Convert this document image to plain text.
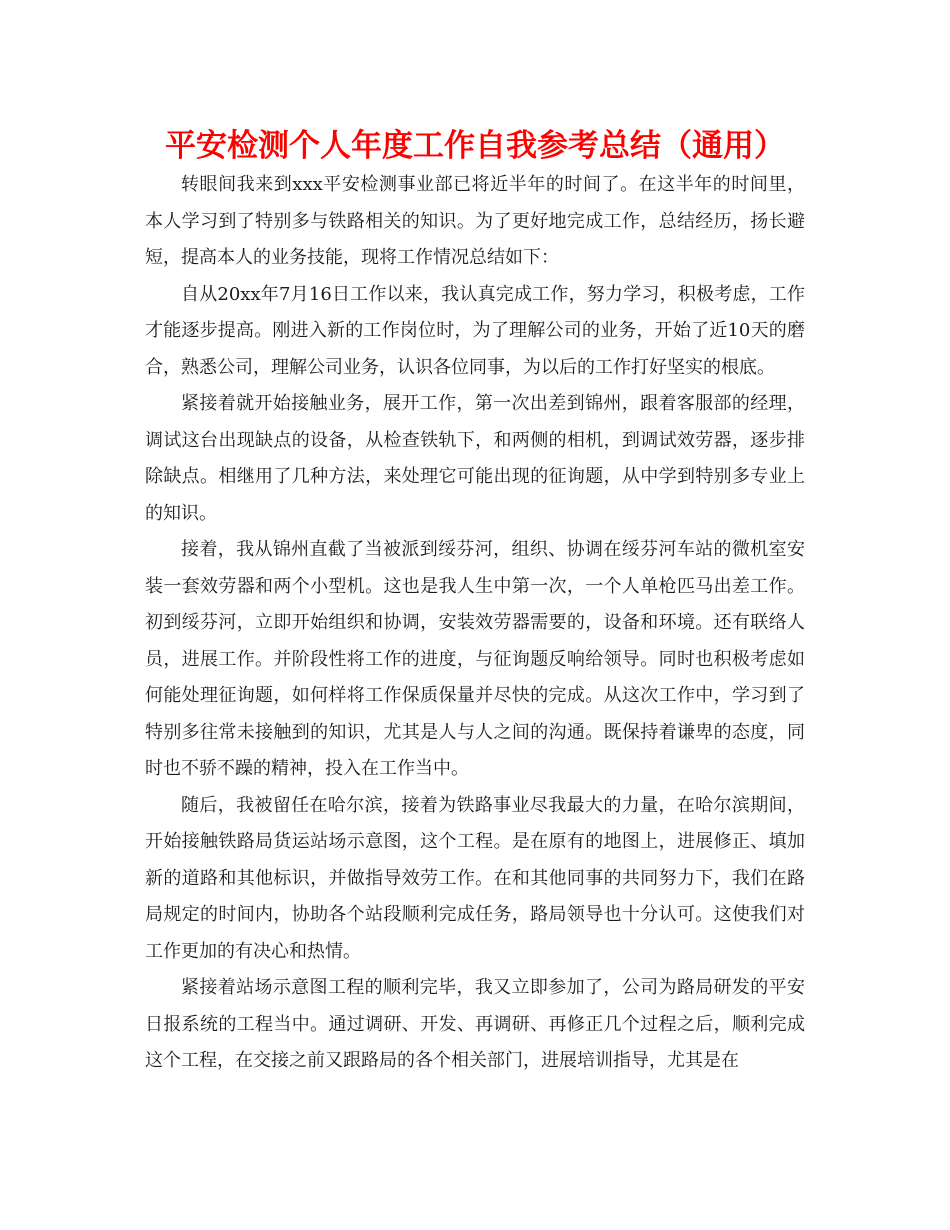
平安检测个人年度工作自我参考总结（通用）

转眼间我来到xxx平安检测事业部已将近半年的时间了。在这半年的时间里，本人学习到了特别多与铁路相关的知识。为了更好地完成工作，总结经历，扬长避短，提高本人的业务技能，现将工作情况总结如下：

自从20xx年7月16日工作以来，我认真完成工作，努力学习，积极考虑，工作才能逐步提高。刚进入新的工作岗位时，为了理解公司的业务，开始了近10天的磨合，熟悉公司，理解公司业务，认识各位同事，为以后的工作打好坚实的根底。

紧接着就开始接触业务，展开工作，第一次出差到锦州，跟着客服部的经理，调试这台出现缺点的设备，从检查铁轨下，和两侧的相机，到调试效劳器，逐步排除缺点。相继用了几种方法，来处理它可能出现的征询题，从中学到特别多专业上的知识。

接着，我从锦州直截了当被派到绥芬河，组织、协调在绥芬河车站的微机室安装一套效劳器和两个小型机。这也是我人生中第一次，一个人单枪匹马出差工作。初到绥芬河，立即开始组织和协调，安装效劳器需要的，设备和环境。还有联络人员，进展工作。并阶段性将工作的进度，与征询题反响给领导。同时也积极考虑如何能处理征询题，如何样将工作保质保量并尽快的完成。从这次工作中，学习到了特别多往常未接触到的知识，尤其是人与人之间的沟通。既保持着谦卑的态度，同时也不骄不躁的精神，投入在工作当中。

随后，我被留任在哈尔滨，接着为铁路事业尽我最大的力量，在哈尔滨期间，开始接触铁路局货运站场示意图，这个工程。是在原有的地图上，进展修正、填加新的道路和其他标识，并做指导效劳工作。在和其他同事的共同努力下，我们在路局规定的时间内，协助各个站段顺利完成任务，路局领导也十分认可。这使我们对工作更加的有决心和热情。

紧接着站场示意图工程的顺利完毕，我又立即参加了，公司为路局研发的平安日报系统的工程当中。通过调研、开发、再调研、再修正几个过程之后，顺利完成这个工程，在交接之前又跟路局的各个相关部门，进展培训指导，尤其是在
